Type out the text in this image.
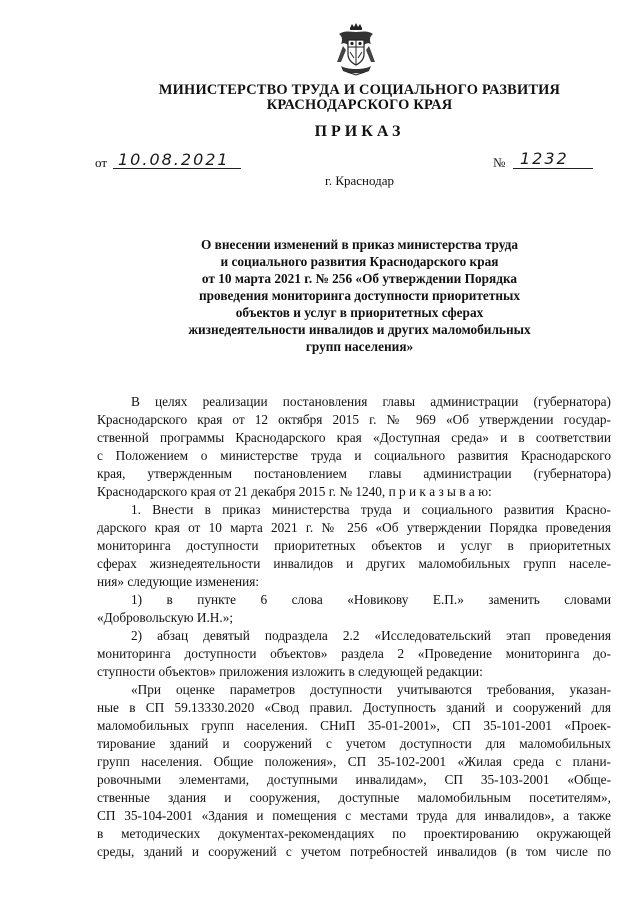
МИНИСТЕРСТВО ТРУДА И СОЦИАЛЬНОГО РАЗВИТИЯ
КРАСНОДАРСКОГО КРАЯ
ПРИКАЗ
от 10.08.2021	№ 1232
г. Краснодар
О внесении изменений в приказ министерства труда
и социального развития Краснодарского края
от 10 марта 2021 г. № 256 «Об утверждении Порядка
проведения мониторинга доступности приоритетных
объектов и услуг в приоритетных сферах
жизнедеятельности инвалидов и других маломобильных
групп населения»
В целях реализации постановления главы администрации (губернатора)
Краснодарского края от 12 октября 2015 г. № 969 «Об утверждении государ-
ственной программы Краснодарского края «Доступная среда» и в соответствии
с Положением о министерстве труда и социального развития Краснодарского
края, утвержденным постановлением главы администрации (губернатора)
Краснодарского края от 21 декабря 2015 г. № 1240, п р и к а з ы в а ю:
1. Внести в приказ министерства труда и социального развития Красно-
дарского края от 10 марта 2021 г. № 256 «Об утверждении Порядка проведения
мониторинга доступности приоритетных объектов и услуг в приоритетных
сферах жизнедеятельности инвалидов и других маломобильных групп населе-
ния» следующие изменения:
1) в пункте 6 слова «Новикову Е.П.» заменить словами
«Добровольскую И.Н.»;
2) абзац девятый подраздела 2.2 «Исследовательский этап проведения
мониторинга доступности объектов» раздела 2 «Проведение мониторинга до-
ступности объектов» приложения изложить в следующей редакции:
«При оценке параметров доступности учитываются требования, указан-
ные в СП 59.13330.2020 «Свод правил. Доступность зданий и сооружений для
маломобильных групп населения. СНиП 35-01-2001», СП 35-101-2001 «Проек-
тирование зданий и сооружений с учетом доступности для маломобильных
групп населения. Общие положения», СП 35-102-2001 «Жилая среда с плани-
ровочными элементами, доступными инвалидам», СП 35-103-2001 «Обще-
ственные здания и сооружения, доступные маломобильным посетителям»,
СП 35-104-2001 «Здания и помещения с местами труда для инвалидов», а также
в методических документах-рекомендациях по проектированию окружающей
среды, зданий и сооружений с учетом потребностей инвалидов (в том числе по
